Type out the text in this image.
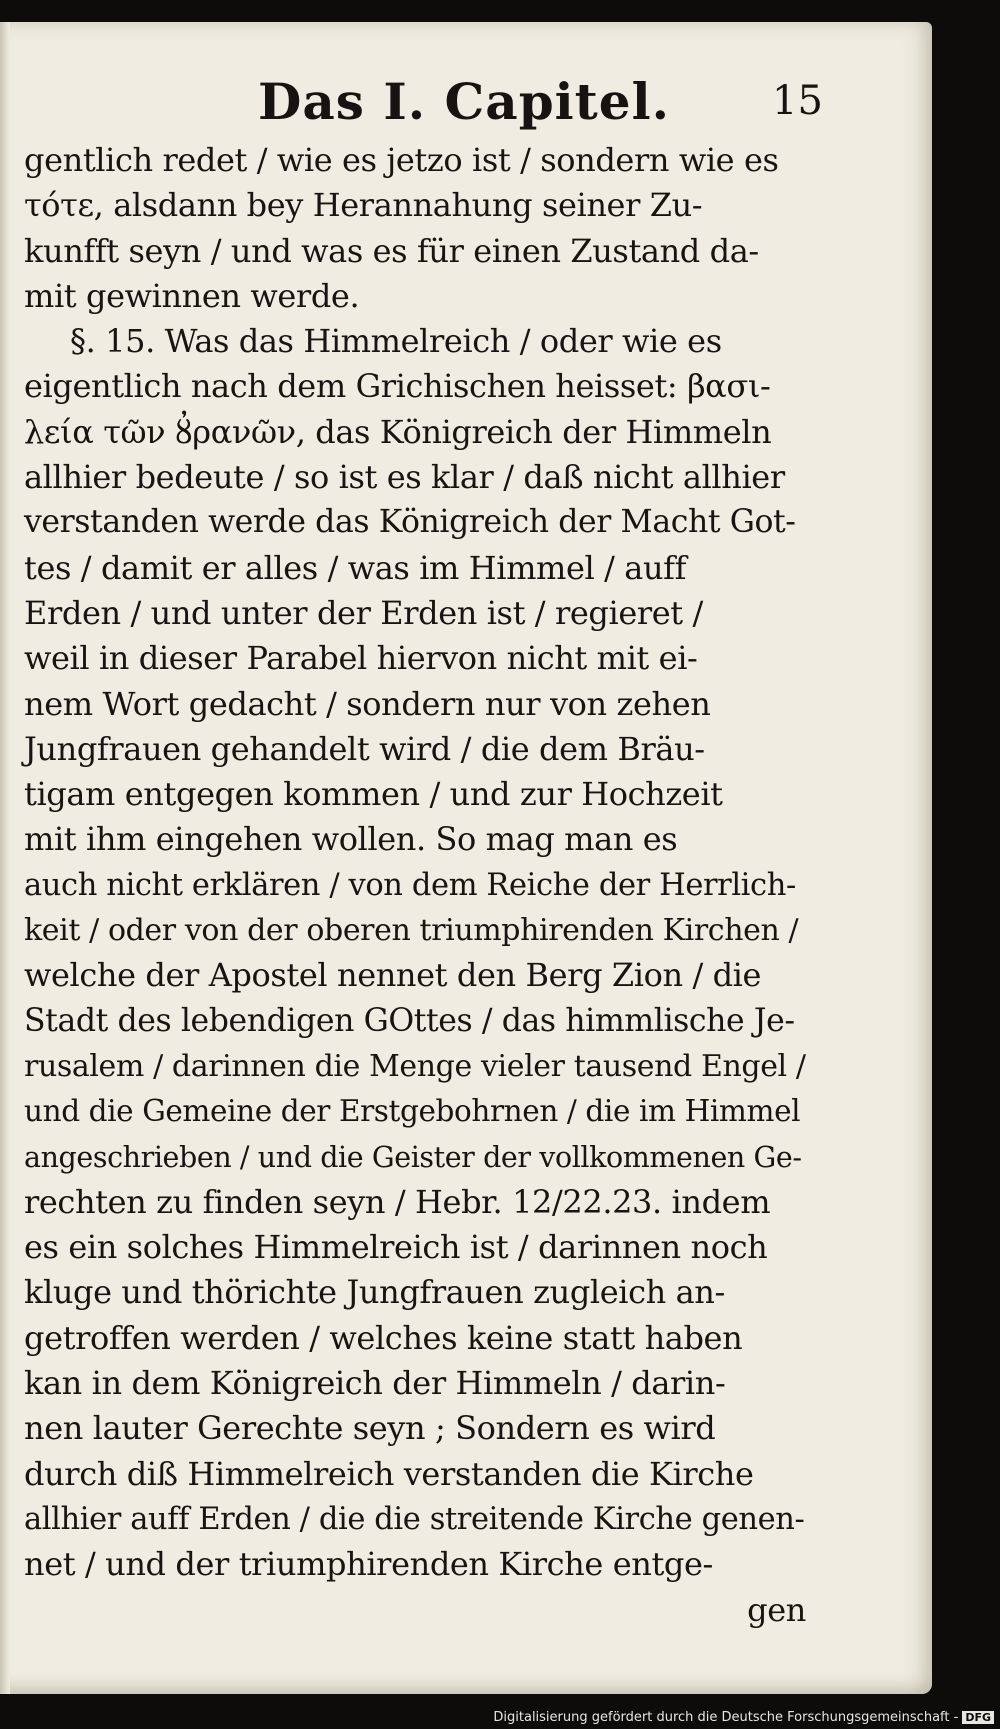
Das I. Capitel.	15
gentlich redet / wie es jetzo ist / sondern wie es
τότε, alsdann bey Herannahung seiner Zu-
kunfft seyn / und was es für einen Zustand da-
mit gewinnen werde.
§. 15. Was das Himmelreich / oder wie es
eigentlich nach dem Grichischen heisset: βασι-
λεία τῶν ȣ̓ρανῶν, das Königreich der Himmeln
allhier bedeute / so ist es klar / daß nicht allhier
verstanden werde das Königreich der Macht Got-
tes / damit er alles / was im Himmel / auff
Erden / und unter der Erden ist / regieret /
weil in dieser Parabel hiervon nicht mit ei-
nem Wort gedacht / sondern nur von zehen
Jungfrauen gehandelt wird / die dem Bräu-
tigam entgegen kommen / und zur Hochzeit
mit ihm eingehen wollen. So mag man es
auch nicht erklären / von dem Reiche der Herrlich-
keit / oder von der oberen triumphirenden Kirchen /
welche der Apostel nennet den Berg Zion / die
Stadt des lebendigen GOttes / das himmlische Je-
rusalem / darinnen die Menge vieler tausend Engel /
und die Gemeine der Erstgebohrnen / die im Himmel
angeschrieben / und die Geister der vollkommenen Ge-
rechten zu finden seyn / Hebr. 12/22.23. indem
es ein solches Himmelreich ist / darinnen noch
kluge und thörichte Jungfrauen zugleich an-
getroffen werden / welches keine statt haben
kan in dem Königreich der Himmeln / darin-
nen lauter Gerechte seyn ; Sondern es wird
durch diß Himmelreich verstanden die Kirche
allhier auff Erden / die die streitende Kirche genen-
net / und der triumphirenden Kirche entge-
gen
Digitalisierung gefördert durch die Deutsche Forschungsgemeinschaft - DFG
